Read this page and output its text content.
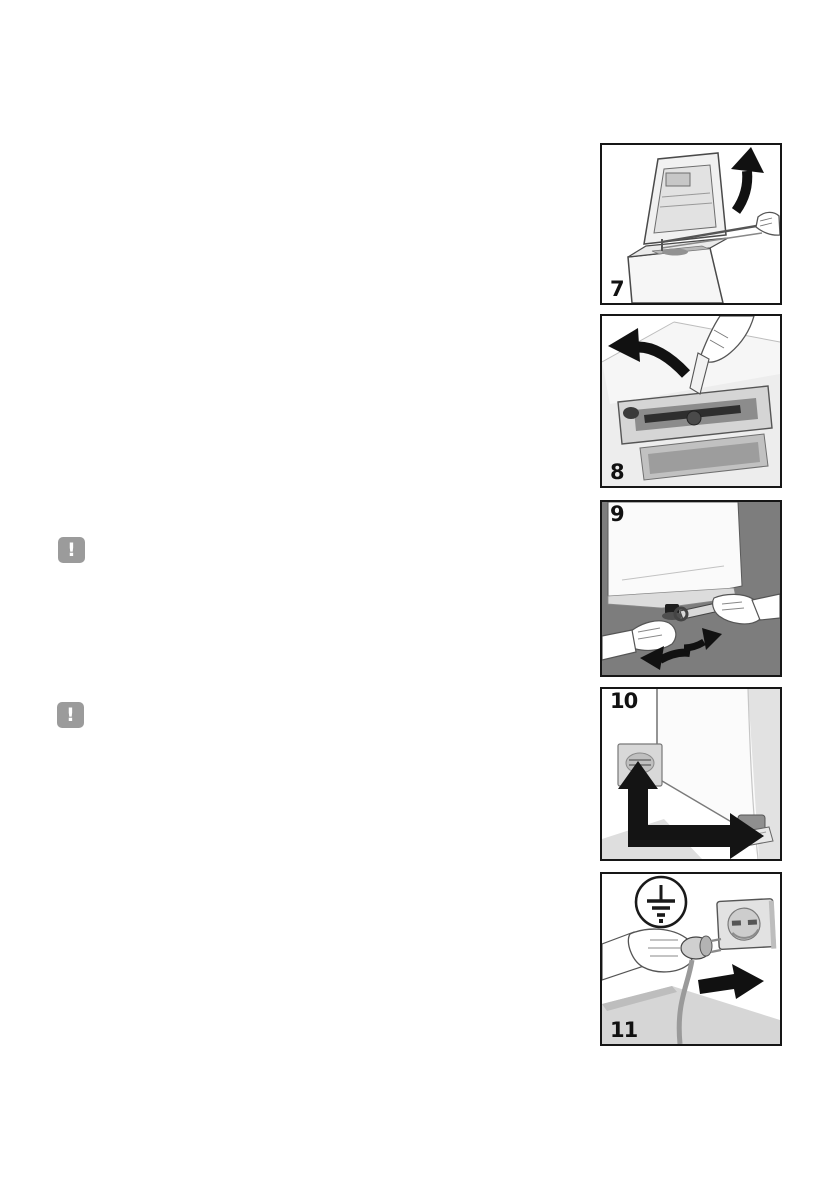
!
!
7
8
9
10
11
